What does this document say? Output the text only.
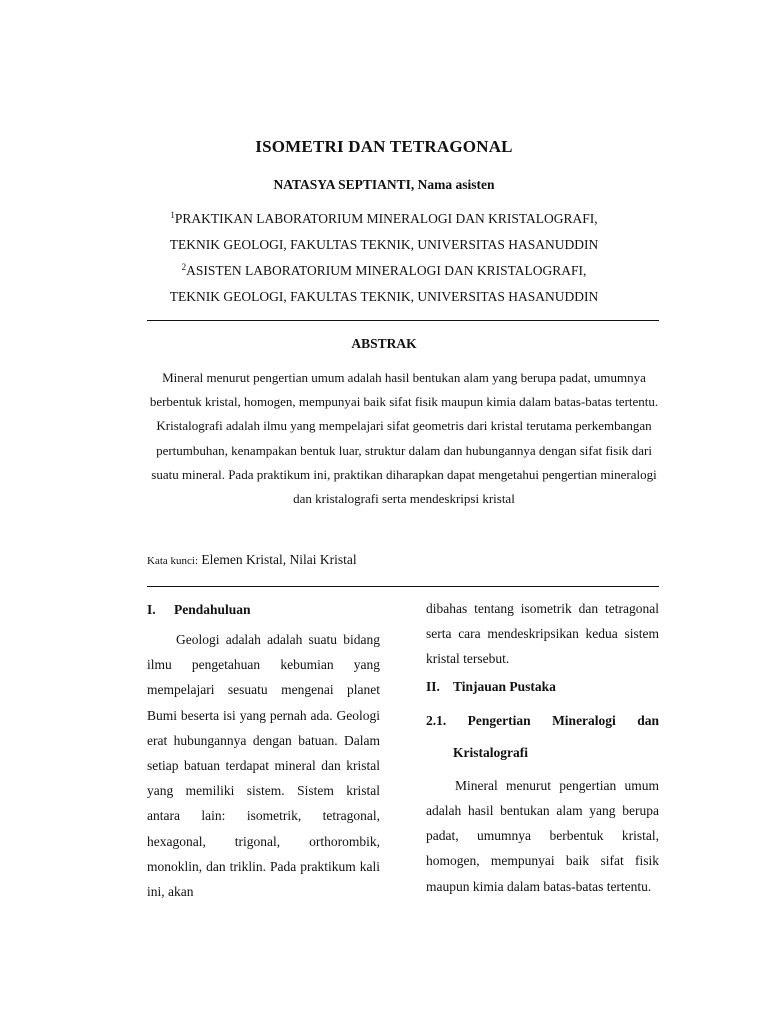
ISOMETRI DAN TETRAGONAL
NATASYA SEPTIANTI, Nama asisten
$^1$PRAKTIKAN LABORATORIUM MINERALOGI DAN KRISTALOGRAFI,
TEKNIK GEOLOGI, FAKULTAS TEKNIK, UNIVERSITAS HASANUDDIN
$^2$ASISTEN LABORATORIUM MINERALOGI DAN KRISTALOGRAFI,
TEKNIK GEOLOGI, FAKULTAS TEKNIK, UNIVERSITAS HASANUDDIN
ABSTRAK
Mineral menurut pengertian umum adalah hasil bentukan alam yang berupa padat, umumnya berbentuk kristal, homogen, mempunyai baik sifat fisik maupun kimia dalam batas-batas tertentu. Kristalografi adalah ilmu yang mempelajari sifat geometris dari kristal terutama perkembangan pertumbuhan, kenampakan bentuk luar, struktur dalam dan hubungannya dengan sifat fisik dari suatu mineral. Pada praktikum ini, praktikan diharapkan dapat mengetahui pengertian mineralogi dan kristalografi serta mendeskripsi kristal
Kata kunci: Elemen Kristal, Nilai Kristal
I.	Pendahuluan

Geologi adalah adalah suatu bidang ilmu pengetahuan kebumian yang mempelajari sesuatu mengenai planet Bumi beserta isi yang pernah ada. Geologi erat hubungannya dengan batuan. Dalam setiap batuan terdapat mineral dan kristal yang memiliki sistem. Sistem kristal antara lain: isometrik, tetragonal, hexagonal, trigonal, orthorombik, monoklin, dan triklin. Pada praktikum kali ini, akan

dibahas tentang isometrik dan tetragonal serta cara mendeskripsikan kedua sistem kristal tersebut.

II. Tinjauan Pustaka
2.1. Pengertian Mineralogi dan
Kristalografi

Mineral menurut pengertian umum adalah hasil bentukan alam yang berupa padat, umumnya berbentuk kristal, homogen, mempunyai baik sifat fisik maupun kimia dalam batas-batas tertentu.
